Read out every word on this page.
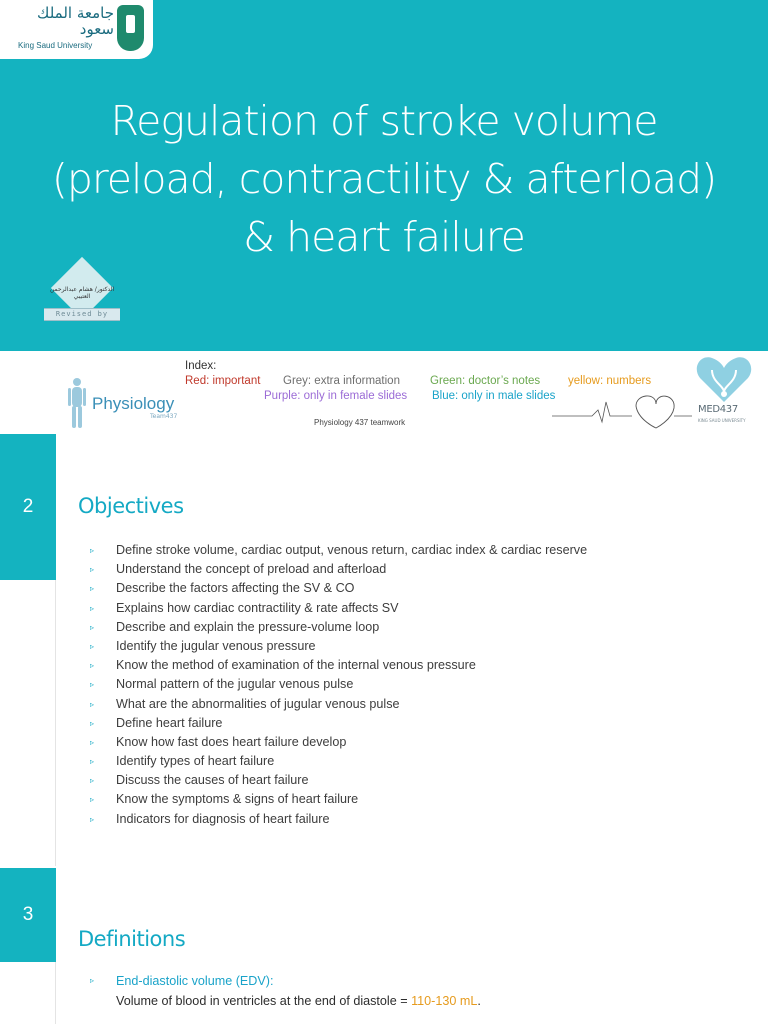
جامعة الملك سعود
King Saud University
Regulation of stroke volume
(preload, contractility & afterload)
& heart failure
الدكتور/ هشام عبدالرحمن العتيبي
Revised by
Physiology
Team437
Index:
Red: important Grey: extra information	Green: doctor’s notes yellow: numbers
Purple: only in female slides Blue: only in male slides
Physiology 437 teamwork
MED437
KING SAUD UNIVERSITY
2	Objectives
▹ Define stroke volume, cardiac output, venous return, cardiac index & cardiac reserve
▹ Understand the concept of preload and afterload
▹ Describe the factors affecting the SV & CO
▹ Explains how cardiac contractility & rate affects SV
▹ Describe and explain the pressure-volume loop
▹ Identify the jugular venous pressure
▹ Know the method of examination of the internal venous pressure
▹ Normal pattern of the jugular venous pulse
▹ What are the abnormalities of jugular venous pulse
▹ Define heart failure
▹ Know how fast does heart failure develop
▹ Identify types of heart failure
▹ Discuss the causes of heart failure
▹ Know the symptoms & signs of heart failure
▹ Indicators for diagnosis of heart failure
3
Definitions
▹ End-diastolic volume (EDV):
Volume of blood in ventricles at the end of diastole = 110-130 mL.
